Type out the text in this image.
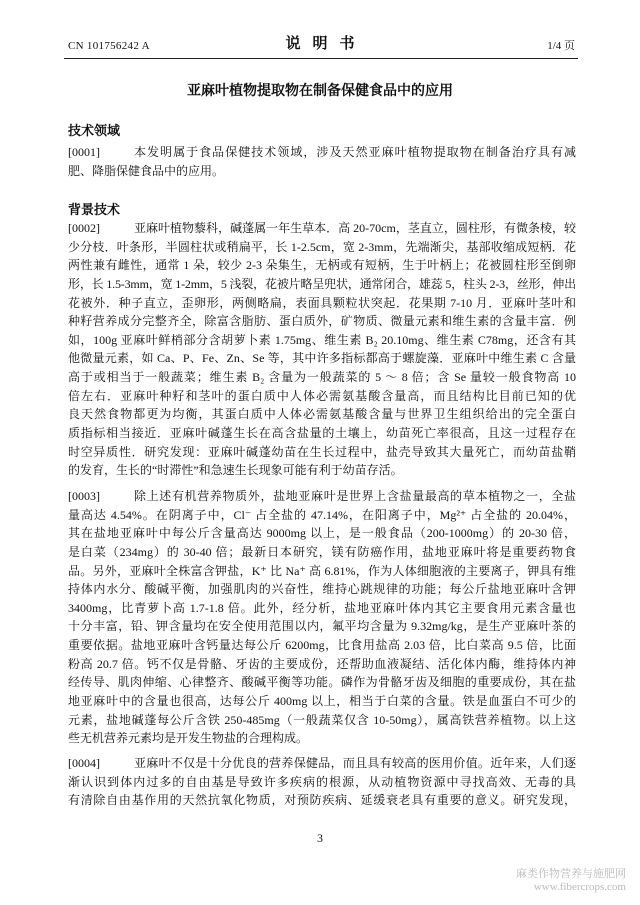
CN 101756242 A	说明书	1/4 页
亚麻叶植物提取物在制备保健食品中的应用
技术领域
[0001]	本发明属于食品保健技术领域，涉及天然亚麻叶植物提取物在制备治疗具有减
肥、降脂保健食品中的应用。
背景技术
[0002]	亚麻叶植物藜科，碱蓬属一年生草本．高 20-70cm，茎直立，圆柱形，有微条棱，较
少分枝．叶条形，半圆柱状或稍扁平，长 1-2.5cm，宽 2-3mm，先端渐尖，基部收缩成短柄．花
两性兼有雌性，通常 1 朵，较少 2-3 朵集生，无柄或有短柄，生于叶柄上；花被圆柱形至倒卵
形，长 1.5-3mm，宽 1-2mm，5 浅裂，花被片略呈兜状，通常闭合，雄蕊 5，柱头 2-3，丝形，伸出
花被外．种子直立，歪卵形，两侧略扁，表面具颗粒状突起．花果期 7-10 月．亚麻叶茎叶和
种籽营养成分完整齐全，除富含脂肪、蛋白质外，矿物质、微量元素和维生素的含量丰富．例
如，100g 亚麻叶鲜梢部分含胡萝卜素 1.75mg、维生素 B₂ 20.10mg、维生素 C78mg，还含有其
他微量元素，如 Ca、P、Fe、Zn、Se 等，其中许多指标都高于螺旋藻．亚麻叶中维生素 C 含量
高于或相当于一般蔬菜；维生素 B₂ 含量为一般蔬菜的 5 ～ 8 倍；含 Se 量较一般食物高 10
倍左右．亚麻叶种籽和茎叶的蛋白质中人体必需氨基酸含量高，而且结构比目前已知的优
良天然食物都更为均衡，其蛋白质中人体必需氨基酸含量与世界卫生组织给出的完全蛋白
质指标相当接近．亚麻叶碱蓬生长在高含盐量的土壤上，幼苗死亡率很高，且这一过程存在
时空异质性．研究发现：亚麻叶碱蓬幼苗在生长过程中，盐壳导致其大量死亡，而幼苗盐鞘
的发育，生长的“时滞性”和急速生长现象可能有利于幼苗存活。
[0003]	除上述有机营养物质外，盐地亚麻叶是世界上含盐量最高的草本植物之一，全盐
量高达 4.54%。在阴离子中，Cl⁻ 占全盐的 47.14%，在阳离子中，Mg²⁺ 占全盐的 20.04%，
其在盐地亚麻叶中每公斤含量高达 9000mg 以上，是一般食品（200-1000mg）的 20-30 倍，
是白菜（234mg）的 30-40 倍；最新日本研究，镁有防癌作用，盐地亚麻叶将是重要药物食
品。另外，亚麻叶全株富含钾盐，K⁺ 比 Na⁺ 高 6.81%，作为人体细胞液的主要离子，钾具有维
持体内水分、酸碱平衡，加强肌肉的兴奋性，维持心跳规律的功能；每公斤盐地亚麻叶含钾
3400mg，比青萝卜高 1.7-1.8 倍。此外，经分析，盐地亚麻叶体内其它主要食用元素含量也
十分丰富，铅、钾含量均在安全使用范围以内，氟平均含量为 9.32mg/kg，是生产亚麻叶茶的
重要依据。盐地亚麻叶含钙量达每公斤 6200mg，比食用盐高 2.03 倍，比白菜高 9.5 倍，比面
粉高 20.7 倍。钙不仅是骨骼、牙齿的主要成份，还帮助血液凝结、活化体内酶，维持体内神
经传导、肌肉伸缩、心律整齐、酸碱平衡等功能。磷作为骨骼牙齿及细胞的重要成份，其在盐
地亚麻叶中的含量也很高，达每公斤 400mg 以上，相当于白菜的含量。铁是血蛋白不可少的
元素，盐地碱蓬每公斤含铁 250-485mg（一般蔬菜仅含 10-50mg），属高铁营养植物。以上这
些无机营养元素均是开发生物盐的合理构成。
[0004]	亚麻叶不仅是十分优良的营养保健品，而且具有较高的医用价值。近年来，人们逐
渐认识到体内过多的自由基是导致许多疾病的根源，从动植物资源中寻找高效、无毒的具
有清除自由基作用的天然抗氧化物质，对预防疾病、延缓衰老具有重要的意义。研究发现，
3
麻类作物营养与施肥网
www.fibercrops.com
